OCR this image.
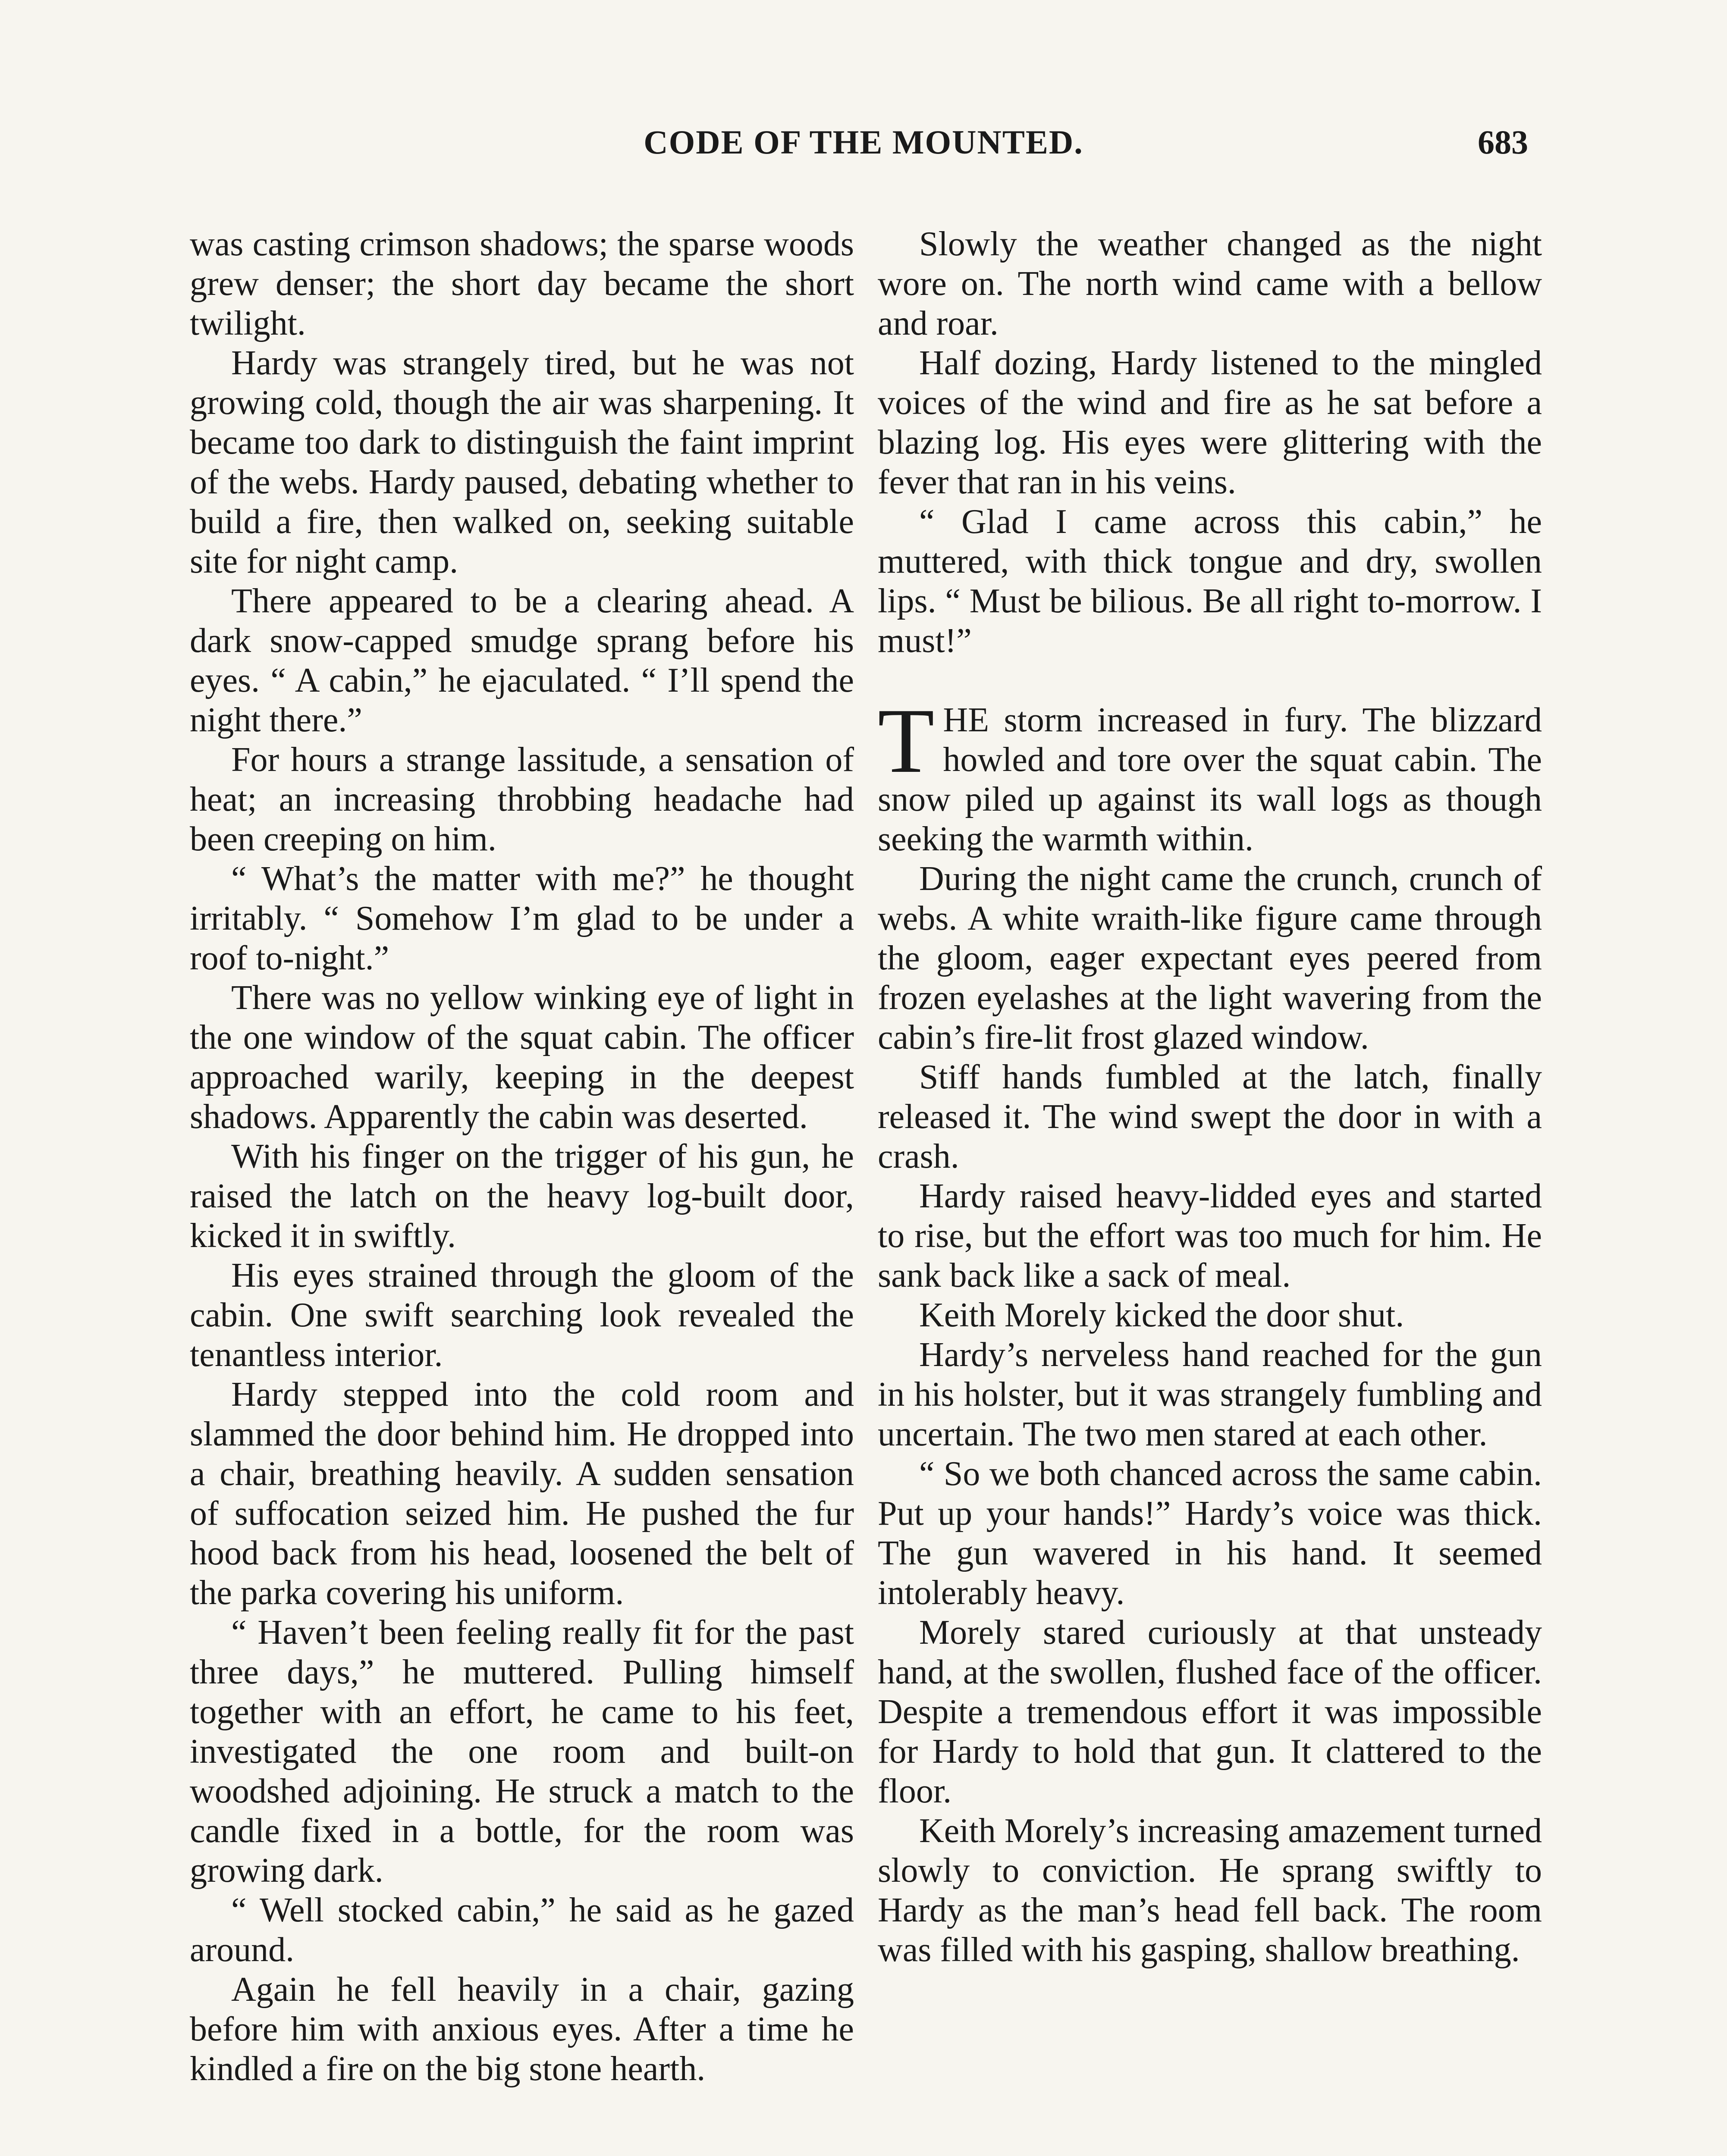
CODE OF THE MOUNTED.	683

was casting crimson shadows; the sparse woods grew denser; the short day became the short twilight.

Hardy was strangely tired, but he was not growing cold, though the air was sharpening. It became too dark to distinguish the faint imprint of the webs. Hardy paused, debating whether to build a fire, then walked on, seeking suitable site for night camp.

There appeared to be a clearing ahead. A dark snow-capped smudge sprang before his eyes. “ A cabin,” he ejaculated. “ I’ll spend the night there.”

For hours a strange lassitude, a sensation of heat; an increasing throbbing headache had been creeping on him.

“ What’s the matter with me?” he thought irritably. “ Somehow I’m glad to be under a roof to-night.”

There was no yellow winking eye of light in the one window of the squat cabin. The officer approached warily, keeping in the deepest shadows. Apparently the cabin was deserted.

With his finger on the trigger of his gun, he raised the latch on the heavy log-built door, kicked it in swiftly.

His eyes strained through the gloom of the cabin. One swift searching look revealed the tenantless interior.

Hardy stepped into the cold room and slammed the door behind him. He dropped into a chair, breathing heavily. A sudden sensation of suffocation seized him. He pushed the fur hood back from his head, loosened the belt of the parka covering his uniform.

“ Haven’t been feeling really fit for the past three days,” he muttered. Pulling himself together with an effort, he came to his feet, investigated the one room and built-on woodshed adjoining. He struck a match to the candle fixed in a bottle, for the room was growing dark.

“ Well stocked cabin,” he said as he gazed around.

Again he fell heavily in a chair, gazing before him with anxious eyes. After a time he kindled a fire on the big stone hearth.

Slowly the weather changed as the night wore on. The north wind came with a bellow and roar.

Half dozing, Hardy listened to the mingled voices of the wind and fire as he sat before a blazing log. His eyes were glittering with the fever that ran in his veins.

“ Glad I came across this cabin,” he muttered, with thick tongue and dry, swollen lips. “ Must be bilious. Be all right to-morrow. I must!”

THE storm increased in fury. The blizzard howled and tore over the squat cabin. The snow piled up against its wall logs as though seeking the warmth within.

During the night came the crunch, crunch of webs. A white wraith-like figure came through the gloom, eager expectant eyes peered from frozen eyelashes at the light wavering from the cabin’s fire-lit frost glazed window.

Stiff hands fumbled at the latch, finally released it. The wind swept the door in with a crash.

Hardy raised heavy-lidded eyes and started to rise, but the effort was too much for him. He sank back like a sack of meal.

Keith Morely kicked the door shut.

Hardy’s nerveless hand reached for the gun in his holster, but it was strangely fumbling and uncertain. The two men stared at each other.

“ So we both chanced across the same cabin. Put up your hands!” Hardy’s voice was thick. The gun wavered in his hand. It seemed intolerably heavy.

Morely stared curiously at that unsteady hand, at the swollen, flushed face of the officer. Despite a tremendous effort it was impossible for Hardy to hold that gun. It clattered to the floor.

Keith Morely’s increasing amazement turned slowly to conviction. He sprang swiftly to Hardy as the man’s head fell back. The room was filled with his gasping, shallow breathing.
